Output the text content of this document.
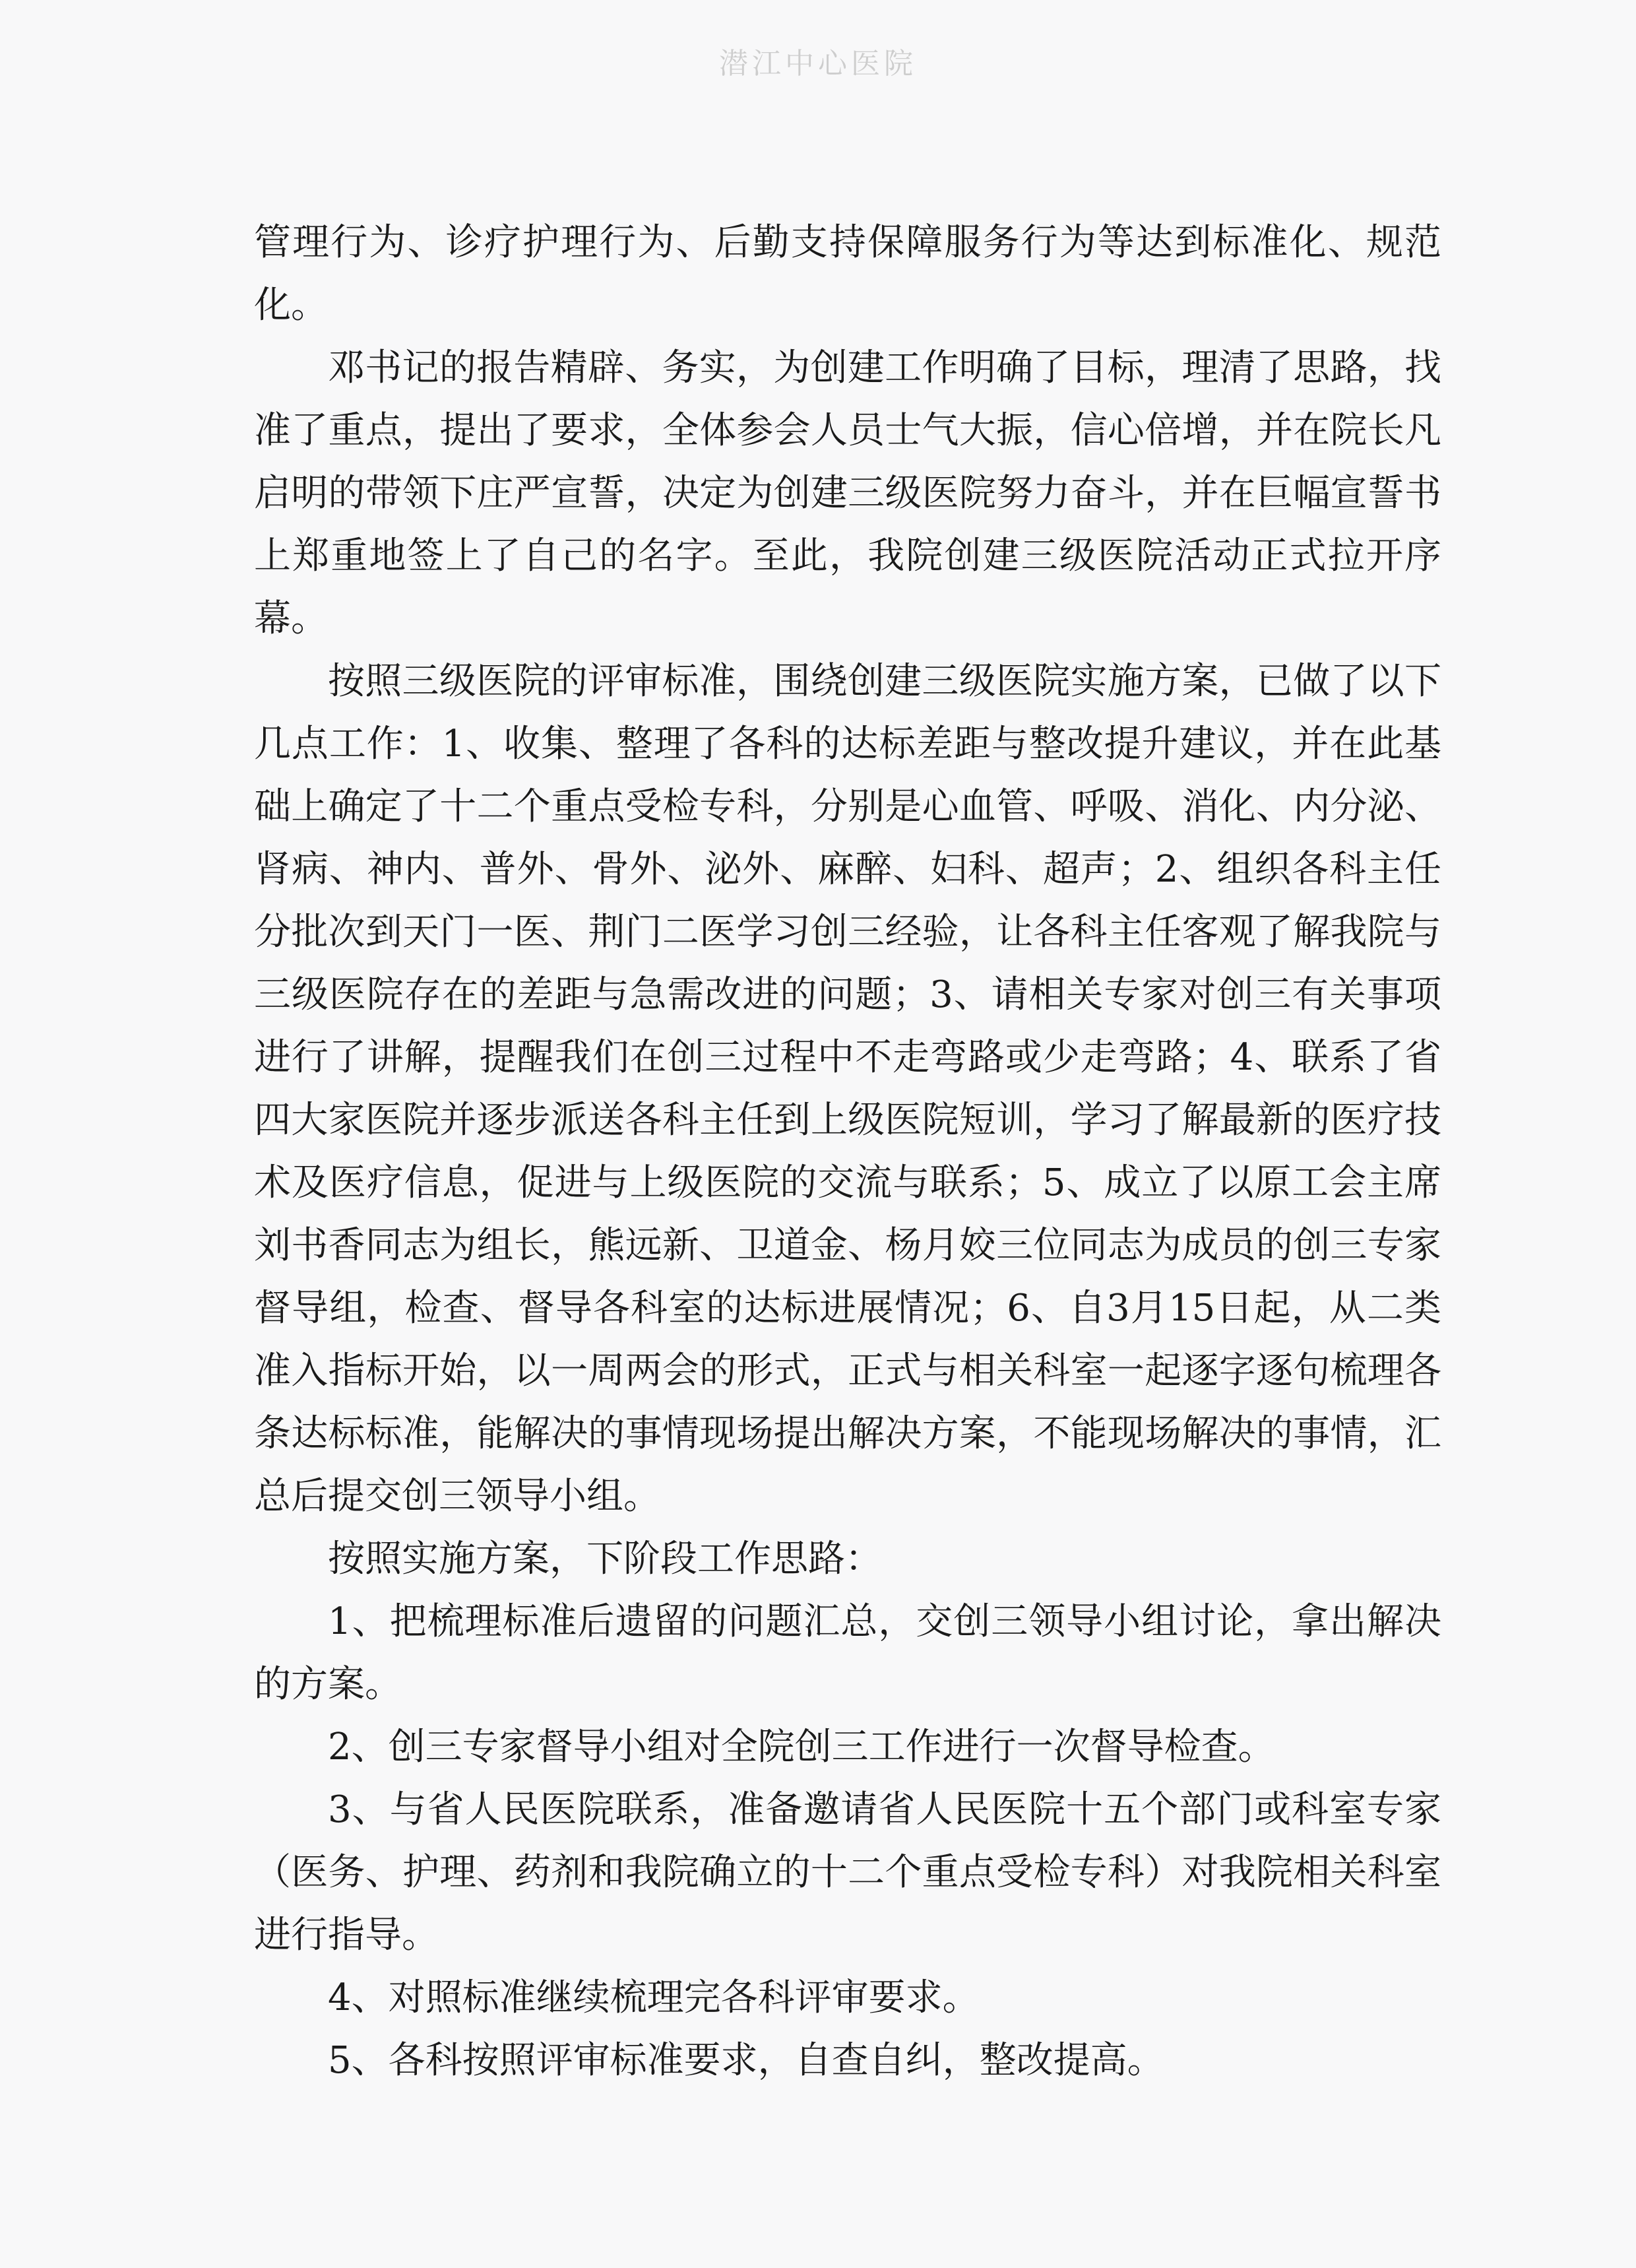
潜江中心医院

管理行为、诊疗护理行为、后勤支持保障服务行为等达到标准化、规范化。

邓书记的报告精辟、务实，为创建工作明确了目标，理清了思路，找准了重点，提出了要求，全体参会人员士气大振，信心倍增，并在院长凡启明的带领下庄严宣誓，决定为创建三级医院努力奋斗，并在巨幅宣誓书上郑重地签上了自己的名字。至此，我院创建三级医院活动正式拉开序幕。

按照三级医院的评审标准，围绕创建三级医院实施方案，已做了以下几点工作：1、收集、整理了各科的达标差距与整改提升建议，并在此基础上确定了十二个重点受检专科，分别是心血管、呼吸、消化、内分泌、肾病、神内、普外、骨外、泌外、麻醉、妇科、超声；2、组织各科主任分批次到天门一医、荆门二医学习创三经验，让各科主任客观了解我院与三级医院存在的差距与急需改进的问题；3、请相关专家对创三有关事项进行了讲解，提醒我们在创三过程中不走弯路或少走弯路；4、联系了省四大家医院并逐步派送各科主任到上级医院短训，学习了解最新的医疗技术及医疗信息，促进与上级医院的交流与联系；5、成立了以原工会主席刘书香同志为组长，熊远新、卫道金、杨月姣三位同志为成员的创三专家督导组，检查、督导各科室的达标进展情况；6、自3月15日起，从二类准入指标开始，以一周两会的形式，正式与相关科室一起逐字逐句梳理各条达标标准，能解决的事情现场提出解决方案，不能现场解决的事情，汇总后提交创三领导小组。

按照实施方案，下阶段工作思路：

1、把梳理标准后遗留的问题汇总，交创三领导小组讨论，拿出解决的方案。

2、创三专家督导小组对全院创三工作进行一次督导检查。

3、与省人民医院联系，准备邀请省人民医院十五个部门或科室专家（医务、护理、药剂和我院确立的十二个重点受检专科）对我院相关科室进行指导。

4、对照标准继续梳理完各科评审要求。

5、各科按照评审标准要求，自查自纠，整改提高。
